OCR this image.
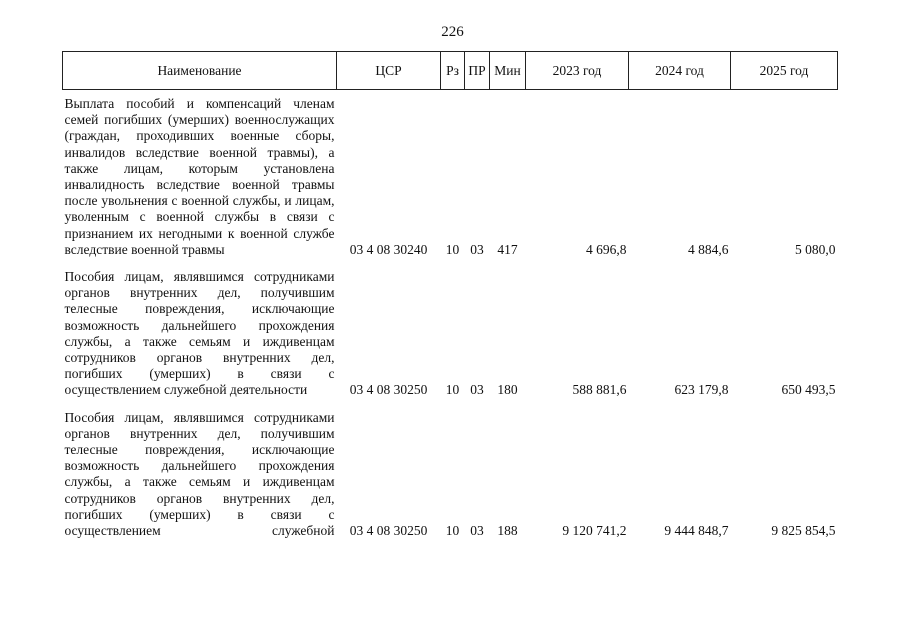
226
Наименование	ЦСР	Рз	ПР	Мин	2023 год	2024 год	2025 год
Выплата пособий и компенсаций членам семей погибших (умерших) военнослужащих (граждан, проходивших военные сборы, инвалидов вследствие военной травмы), а также лицам, которым установлена инвалидность вследствие военной травмы после увольнения с военной службы, и лицам, уволенным с военной службы в связи с признанием их негодными к военной службе вследствие военной травмы	03 4 08 30240	10	03	417	4 696,8	4 884,6	5 080,0
Пособия лицам, являвшимся сотрудниками органов внутренних дел, получившим телесные повреждения, исключающие возможность дальнейшего прохождения службы, а также семьям и иждивенцам сотрудников органов внутренних дел, погибших (умерших) в связи с осуществлением служебной деятельности	03 4 08 30250	10	03	180	588 881,6	623 179,8	650 493,5
Пособия лицам, являвшимся сотрудниками органов внутренних дел, получившим телесные повреждения, исключающие возможность дальнейшего прохождения службы, а также семьям и иждивенцам сотрудников органов внутренних дел, погибших (умерших) в связи с осуществлением служебной	03 4 08 30250	10	03	188	9 120 741,2	9 444 848,7	9 825 854,5
